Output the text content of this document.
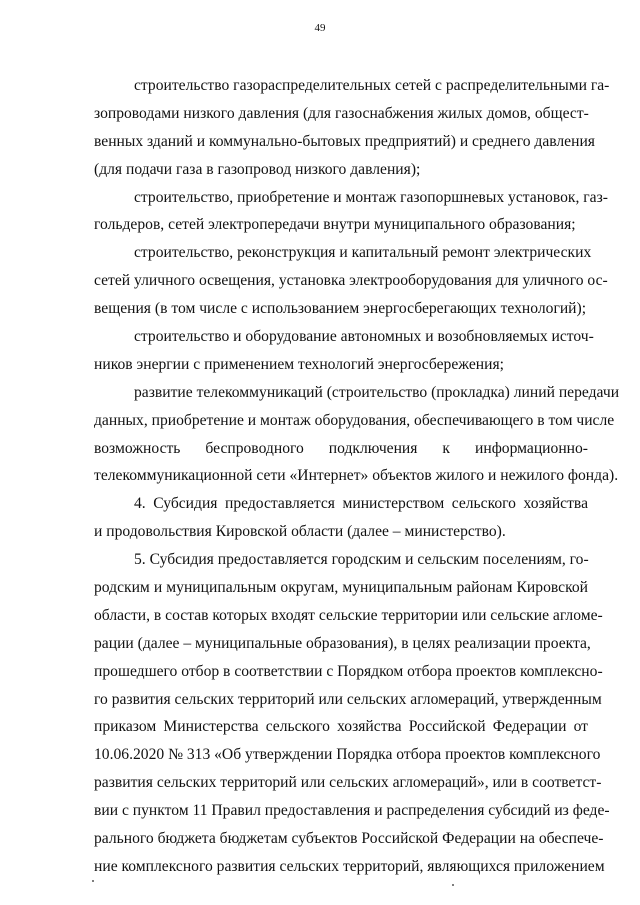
49
строительство газораспределительных сетей с распределительными га-
зопроводами низкого давления (для газоснабжения жилых домов, общест-
венных зданий и коммунально-бытовых предприятий) и среднего давления
(для подачи газа в газопровод низкого давления);
строительство, приобретение и монтаж газопоршневых установок, газ-
гольдеров, сетей электропередачи внутри муниципального образования;
строительство, реконструкция и капитальный ремонт электрических
сетей уличного освещения, установка электрооборудования для уличного ос-
вещения (в том числе с использованием энергосберегающих технологий);
строительство и оборудование автономных и возобновляемых источ-
ников энергии с применением технологий энергосбережения;
развитие телекоммуникаций (строительство (прокладка) линий передачи
данных, приобретение и монтаж оборудования, обеспечивающего в том числе
возможность беспроводного подключения к информационно-
телекоммуникационной сети «Интернет» объектов жилого и нежилого фонда).
4. Субсидия предоставляется министерством сельского хозяйства
и продовольствия Кировской области (далее – министерство).
5. Субсидия предоставляется городским и сельским поселениям, го-
родским и муниципальным округам, муниципальным районам Кировской
области, в состав которых входят сельские территории или сельские агломе-
рации (далее – муниципальные образования), в целях реализации проекта,
прошедшего отбор в соответствии с Порядком отбора проектов комплексно-
го развития сельских территорий или сельских агломераций, утвержденным
приказом Министерства сельского хозяйства Российской Федерации от
10.06.2020 № 313 «Об утверждении Порядка отбора проектов комплексного
развития сельских территорий или сельских агломераций», или в соответст-
вии с пунктом 11 Правил предоставления и распределения субсидий из феде-
рального бюджета бюджетам субъектов Российской Федерации на обеспече-
ние комплексного развития сельских территорий, являющихся приложением
